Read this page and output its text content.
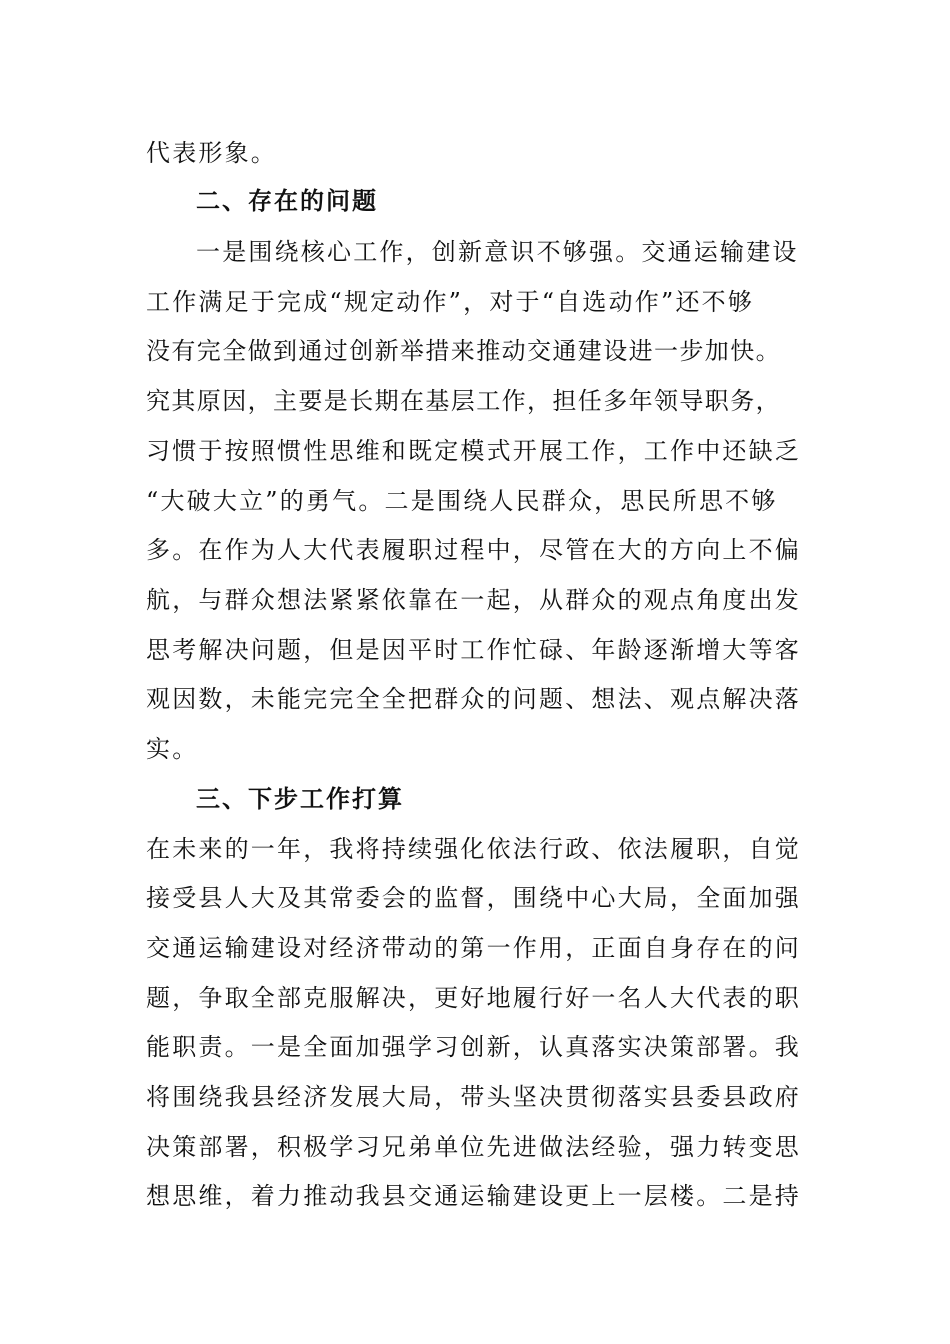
代表形象。
二、存在的问题
一是围绕核心工作，创新意识不够强。交通运输建设
工作满足于完成“规定动作”，对于“自选动作”还不够
没有完全做到通过创新举措来推动交通建设进一步加快。
究其原因，主要是长期在基层工作，担任多年领导职务，
习惯于按照惯性思维和既定模式开展工作，工作中还缺乏
“大破大立”的勇气。二是围绕人民群众，思民所思不够
多。在作为人大代表履职过程中，尽管在大的方向上不偏
航，与群众想法紧紧依靠在一起，从群众的观点角度出发
思考解决问题，但是因平时工作忙碌、年龄逐渐增大等客
观因数，未能完完全全把群众的问题、想法、观点解决落
实。
三、下步工作打算
在未来的一年，我将持续强化依法行政、依法履职，自觉
接受县人大及其常委会的监督，围绕中心大局，全面加强
交通运输建设对经济带动的第一作用，正面自身存在的问
题，争取全部克服解决，更好地履行好一名人大代表的职
能职责。一是全面加强学习创新，认真落实决策部署。我
将围绕我县经济发展大局，带头坚决贯彻落实县委县政府
决策部署，积极学习兄弟单位先进做法经验，强力转变思
想思维，着力推动我县交通运输建设更上一层楼。二是持
